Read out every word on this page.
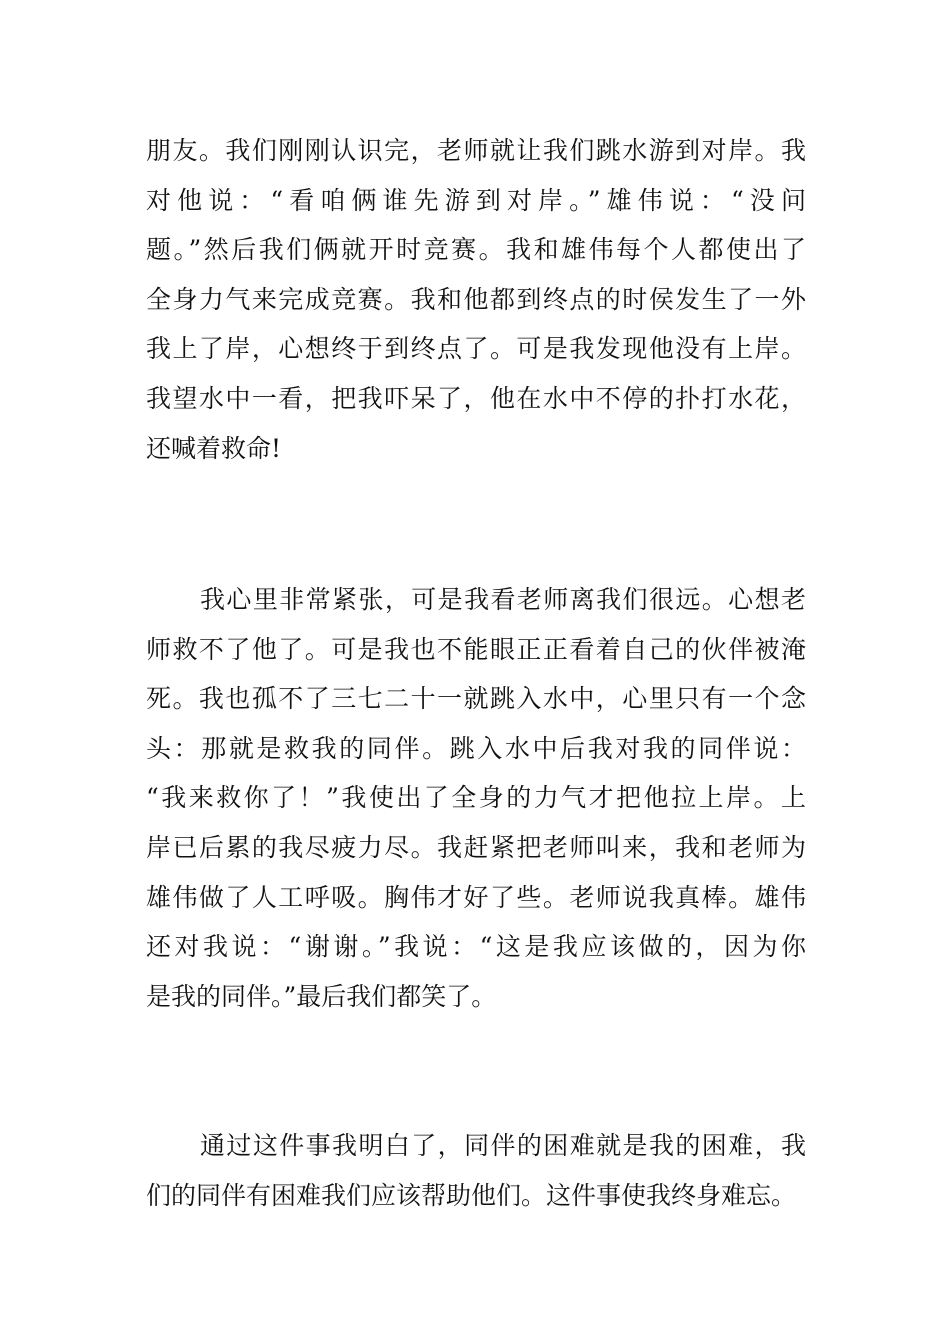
朋友。我们刚刚认识完，老师就让我们跳水游到对岸。我
对他说：“看咱俩谁先游到对岸。”雄伟说：“没问
题。”然后我们俩就开时竞赛。我和雄伟每个人都使出了
全身力气来完成竞赛。我和他都到终点的时侯发生了一外
我上了岸，心想终于到终点了。可是我发现他没有上岸。
我望水中一看，把我吓呆了，他在水中不停的扑打水花，
还喊着救命!
我心里非常紧张，可是我看老师离我们很远。心想老
师救不了他了。可是我也不能眼正正看着自己的伙伴被淹
死。我也孤不了三七二十一就跳入水中，心里只有一个念
头：那就是救我的同伴。跳入水中后我对我的同伴说：
“我来救你了！”我使出了全身的力气才把他拉上岸。上
岸已后累的我尽疲力尽。我赶紧把老师叫来，我和老师为
雄伟做了人工呼吸。胸伟才好了些。老师说我真棒。雄伟
还对我说：“谢谢。”我说：“这是我应该做的，因为你
是我的同伴。”最后我们都笑了。
通过这件事我明白了，同伴的困难就是我的困难，我
们的同伴有困难我们应该帮助他们。这件事使我终身难忘。
